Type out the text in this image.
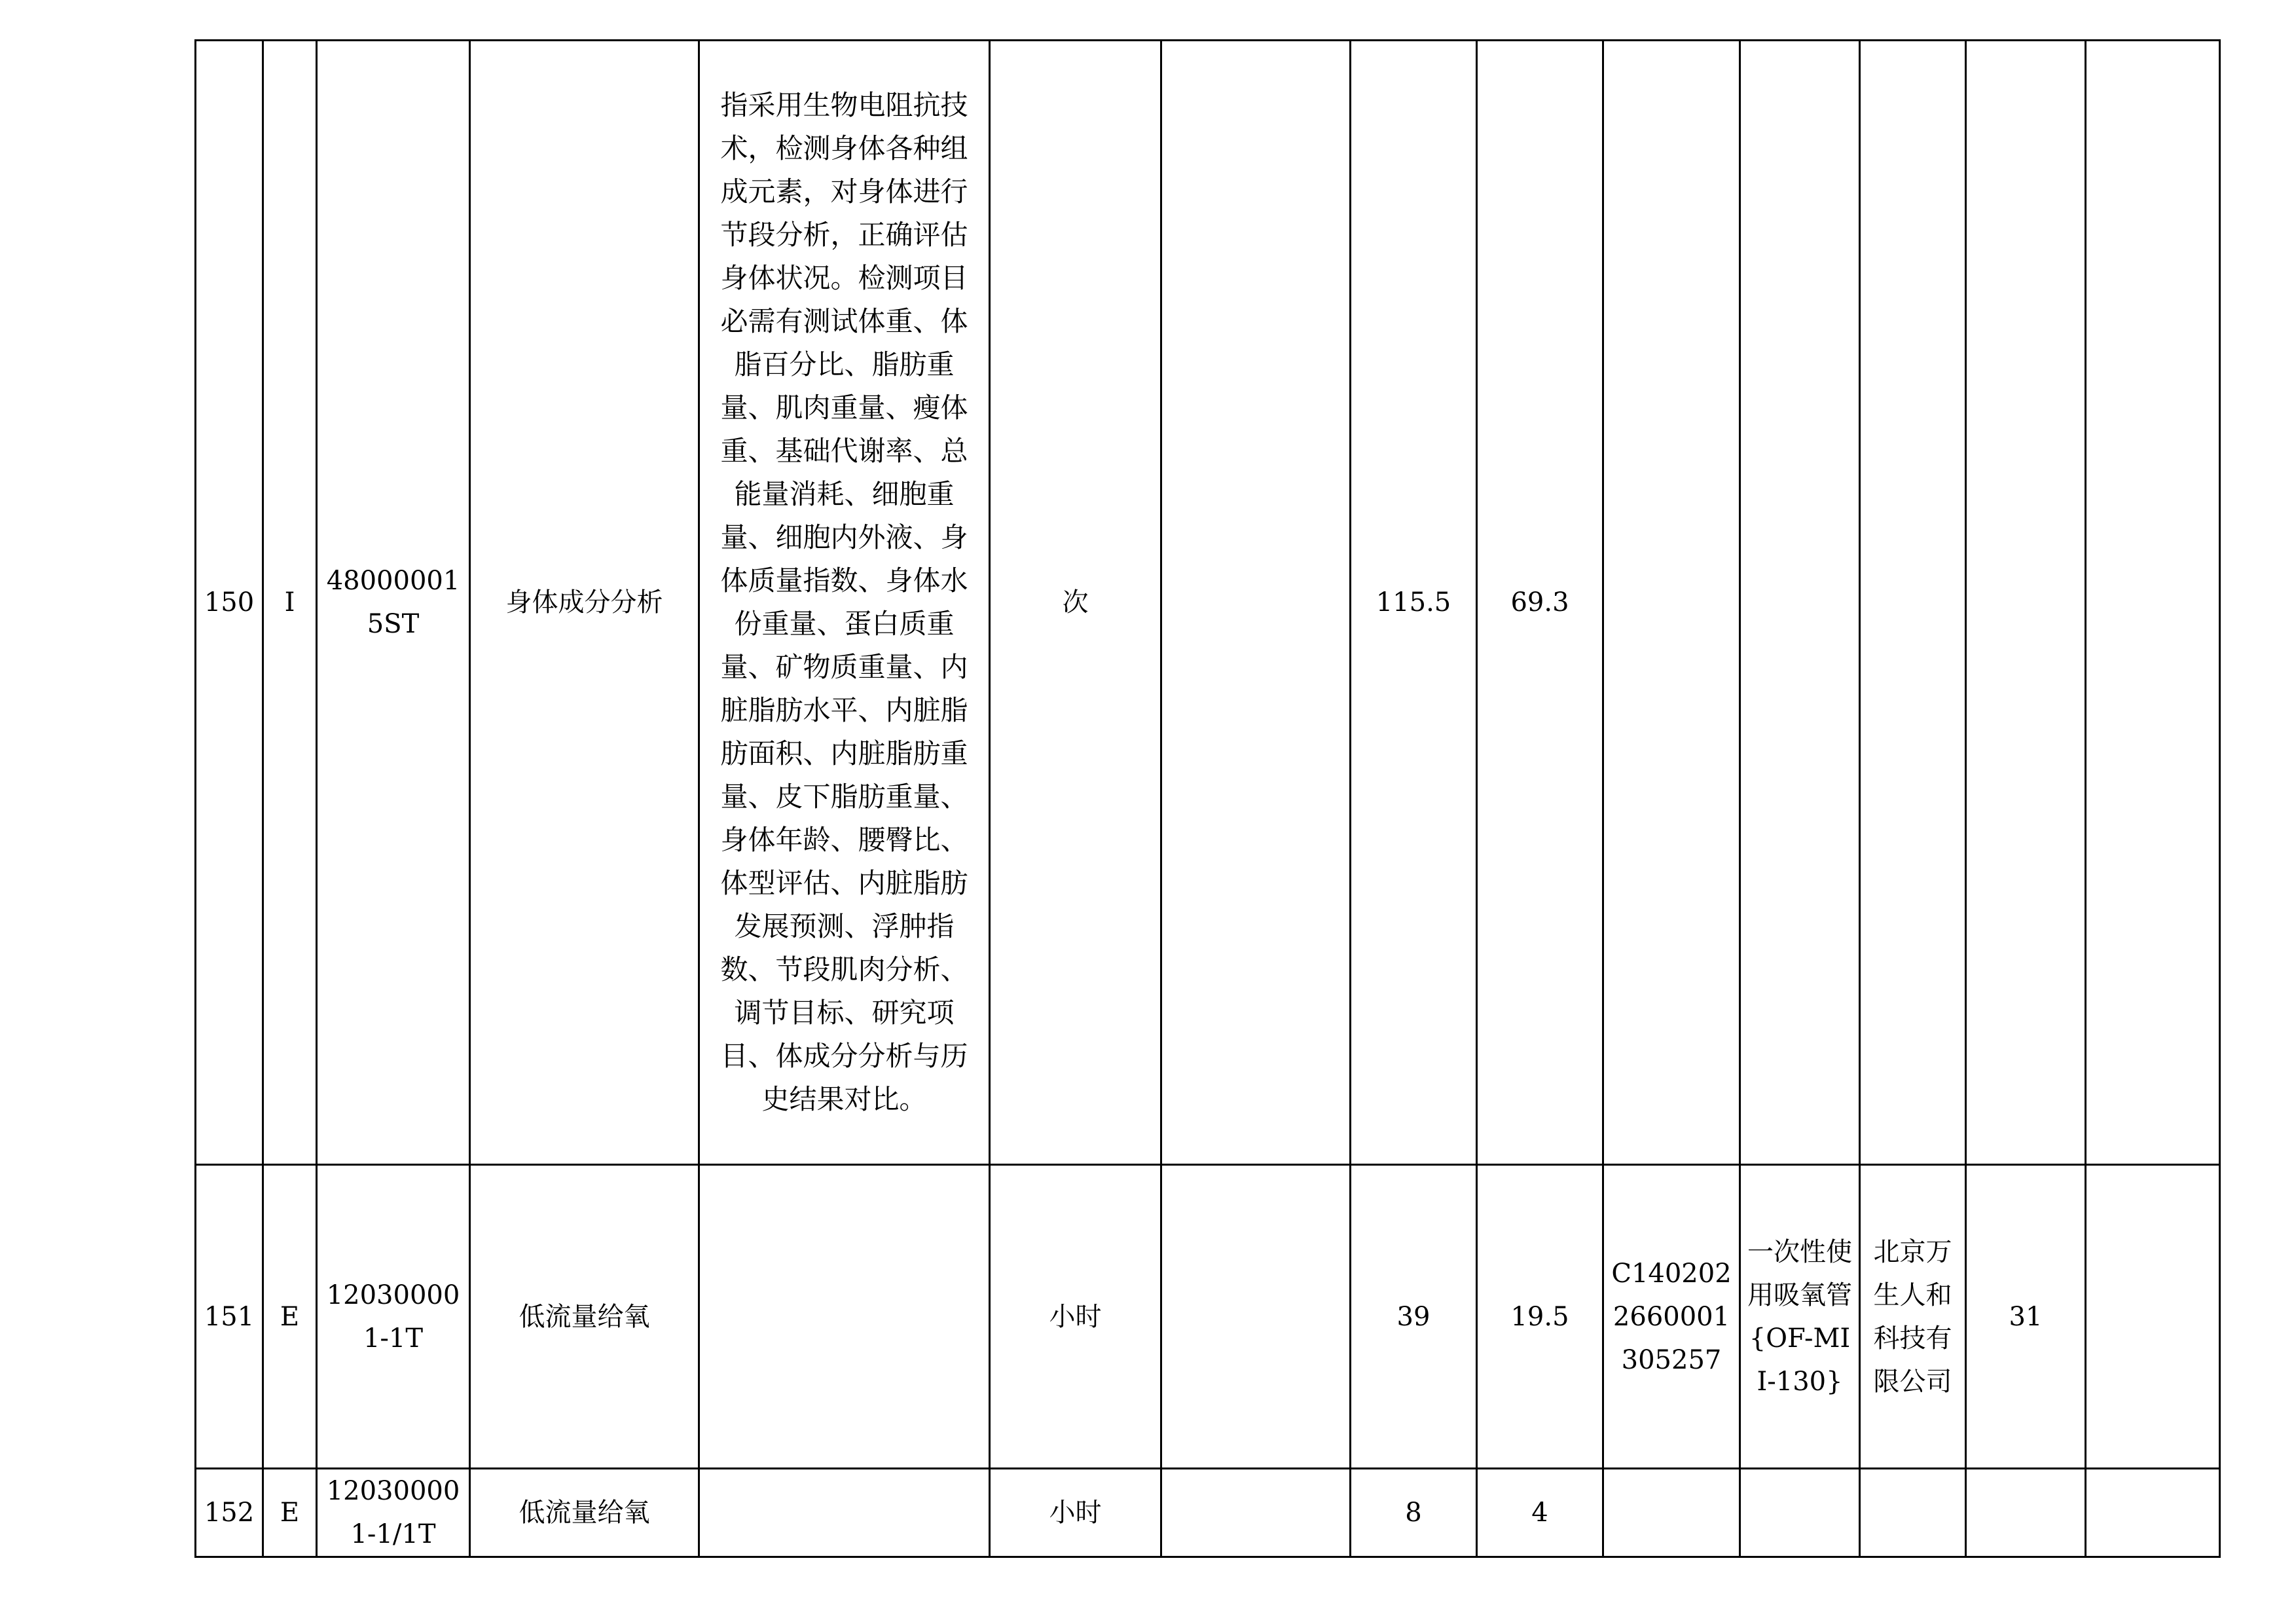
150	I	480000015ST	身体成分分析	指采用生物电阻抗技术，检测身体各种组成元素，对身体进行节段分析，正确评估身体状况。检测项目必需有测试体重、体脂百分比、脂肪重量、肌肉重量、瘦体重、基础代谢率、总能量消耗、细胞重量、细胞内外液、身体质量指数、身体水份重量、蛋白质重量、矿物质重量、内脏脂肪水平、内脏脂肪面积、内脏脂肪重量、皮下脂肪重量、身体年龄、腰臀比、体型评估、内脏脂肪发展预测、浮肿指数、节段肌肉分析、调节目标、研究项目、体成分分析与历史结果对比。	次		115.5	69.3					
151	E	120300001-1T	低流量给氧		小时		39	19.5	C1402022660001305257	一次性使用吸氧管{OF-MII-130}	北京万生人和科技有限公司	31	
152	E	120300001-1/1T	低流量给氧		小时		8	4					
